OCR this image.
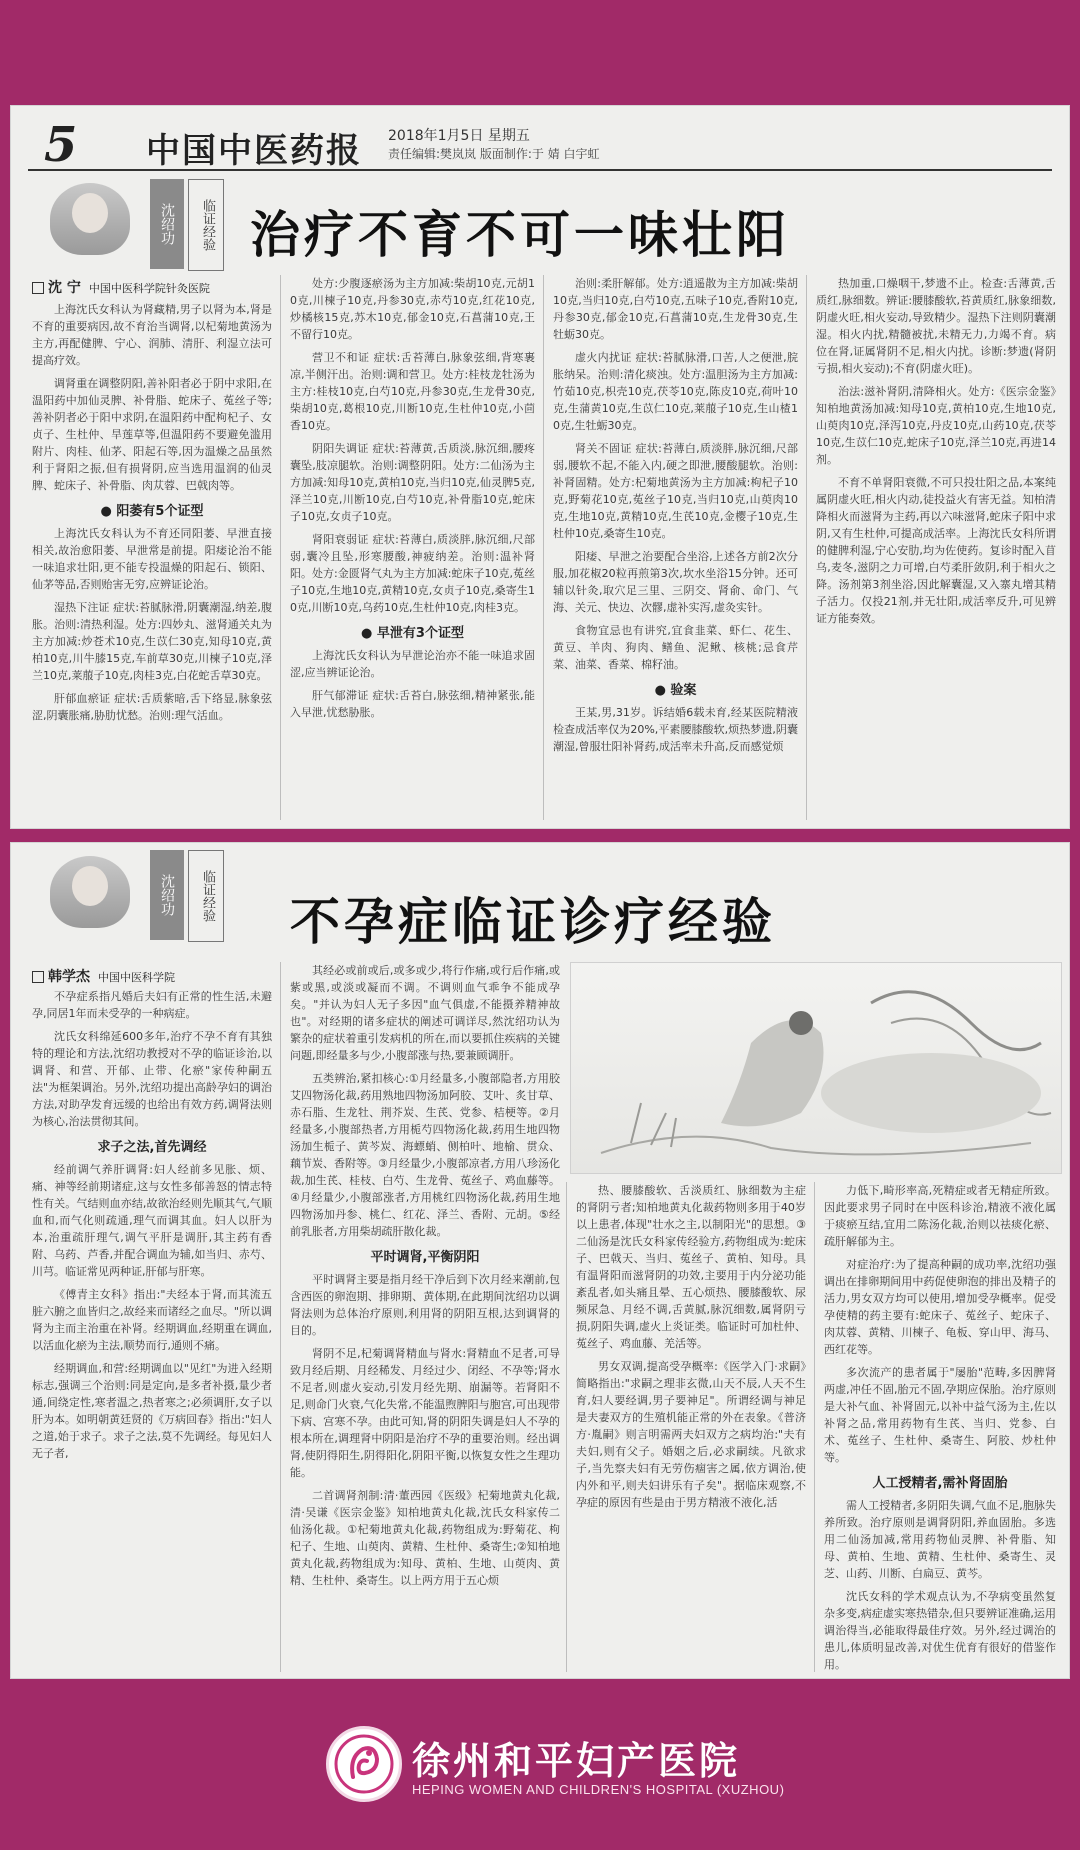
5 中国中医药报 2018年1月5日 星期五
责任编辑:樊岚岚 版面制作:于 婧 白宇虹
沈绍功	临证经验 治疗不育不可一味壮阳
沈 宁 中国中医科学院针灸医院

上海沈氏女科认为肾藏精,男子以肾为本,肾是不育的重要病因,故不育治当调肾,以杞菊地黄汤为主方,再配健脾、宁心、润肺、清肝、利湿立法可提高疗效。

调肾重在调整阴阳,善补阳者必于阴中求阳,在温阳药中加仙灵脾、补骨脂、蛇床子、菟丝子等;善补阴者必于阳中求阴,在温阳药中配枸杞子、女贞子、生杜仲、旱莲草等,但温阳药不要避免滥用附片、肉桂、仙茅、阳起石等,因为温燥之品虽然利于肾阳之振,但有损肾阴,应当选用温润的仙灵脾、蛇床子、补骨脂、肉苁蓉、巴戟肉等。

● 阳萎有5个证型

上海沈氏女科认为不育还同阳萎、早泄直接相关,故治愈阳萎、早泄常是前提。阳痿论治不能一味追求壮阳,更不能专投温燥的阳起石、锁阳、仙茅等品,否则贻害无穷,应辨证论治。

湿热下注证 症状:苔腻脉滑,阴囊潮湿,纳差,腹胀。治则:清热利湿。处方:四妙丸、滋肾通关丸为主方加减:炒苍术10克,生苡仁30克,知母10克,黄柏10克,川牛膝15克,车前草30克,川楝子10克,泽兰10克,莱菔子10克,肉桂3克,白花蛇舌草30克。

肝郁血瘀证 症状:舌质紫暗,舌下络显,脉象弦涩,阴囊胀痛,胁肋忧愁。治则:理气活血。

处方:少腹逐瘀汤为主方加减:柴胡10克,元胡10克,川楝子10克,丹参30克,赤芍10克,红花10克,炒橘核15克,苏木10克,郁金10克,石菖蒲10克,王不留行10克。

营卫不和证 症状:舌苔薄白,脉象弦细,背寒裹凉,半侧汗出。治则:调和营卫。处方:桂枝龙牡汤为主方:桂枝10克,白芍10克,丹参30克,生龙骨30克,柴胡10克,葛根10克,川断10克,生杜仲10克,小茴香10克。

阴阳失调证 症状:苔薄黄,舌质淡,脉沉细,腰疼囊坠,肢凉腿软。治则:调整阴阳。处方:二仙汤为主方加减:知母10克,黄柏10克,当归10克,仙灵脾5克,泽兰10克,川断10克,白芍10克,补骨脂10克,蛇床子10克,女贞子10克。

肾阳衰弱证 症状:苔薄白,质淡胖,脉沉细,尺部弱,囊冷且坠,形寒腰酸,神疲纳差。治则:温补肾阳。处方:金匮肾气丸为主方加减:蛇床子10克,菟丝子10克,生地10克,黄精10克,女贞子10克,桑寄生10克,川断10克,乌药10克,生杜仲10克,肉桂3克。

● 早泄有3个证型

上海沈氏女科认为早泄论治亦不能一味追求固涩,应当辨证论治。

肝气郁滞证 症状:舌苔白,脉弦细,精神紧张,能入早泄,忧愁胁胀。

治则:柔肝解郁。处方:逍遥散为主方加减:柴胡10克,当归10克,白芍10克,五味子10克,香附10克,丹参30克,郁金10克,石菖蒲10克,生龙骨30克,生牡蛎30克。

虚火内扰证 症状:苔腻脉滑,口苦,人之便泄,脘胀纳呆。治则:清化痰浊。处方:温胆汤为主方加减:竹茹10克,枳壳10克,茯苓10克,陈皮10克,荷叶10克,生蒲黄10克,生苡仁10克,莱菔子10克,生山楂10克,生牡蛎30克。

肾关不固证 症状:苔薄白,质淡胖,脉沉细,尺部弱,腰软不起,不能入内,硬之即泄,腰酸腿软。治则:补肾固精。处方:杞菊地黄汤为主方加减:枸杞子10克,野菊花10克,菟丝子10克,当归10克,山萸肉10克,生地10克,黄精10克,生芪10克,金樱子10克,生杜仲10克,桑寄生10克。

阳痿、早泄之治要配合坐浴,上述各方前2次分服,加花椒20粒再煎第3次,坎水坐浴15分钟。还可辅以针灸,取穴足三里、三阴交、肾俞、命门、气海、关元、快边、次髎,虚补实泻,虚灸实针。

食物宜忌也有讲究,宜食韭菜、虾仁、花生、黄豆、羊肉、狗肉、鳝鱼、泥鳅、核桃;忌食芹菜、油菜、香菜、棉籽油。

● 验案

王某,男,31岁。诉结婚6载未育,经某医院精液检查成活率仅为20%,平素腰膝酸软,烦热梦遗,阴囊潮湿,曾服壮阳补肾药,成活率未升高,反而感觉烦

热加重,口燥咽干,梦遗不止。检查:舌薄黄,舌质红,脉细数。辨证:腰膝酸软,苔黄质红,脉象细数,阴虚火旺,相火妄动,导致精少。湿热下注则阴囊潮湿。相火内扰,精髓被扰,未精无力,力竭不育。病位在肾,证属肾阴不足,相火内扰。诊断:梦遗(肾阴亏损,相火妄动);不育(阴虚火旺)。

治法:滋补肾阴,清降相火。处方:《医宗金鉴》知柏地黄汤加减:知母10克,黄柏10克,生地10克,山萸肉10克,泽泻10克,丹皮10克,山药10克,茯苓10克,生苡仁10克,蛇床子10克,泽兰10克,再进14剂。

不育不单肾阳衰微,不可只投壮阳之品,本案纯属阴虚火旺,相火内动,徒投益火有害无益。知柏清降相火而滋肾为主药,再以六味滋肾,蛇床子阳中求阴,又有生杜仲,可提高成活率。上海沈氏女科所谓的健脾利湿,宁心安肋,均为佐使药。复诊时配入苜乌,麦冬,滋阴之力可增,白芍柔肝敛阴,利于相火之降。汤剂第3剂坐浴,因此解囊湿,又入寨丸增其精子活力。仅投21剂,并无壮阳,成活率反升,可见辨证方能奏效。

沈绍功	临证经验 不孕症临证诊疗经验
韩学杰 中国中医科学院

不孕症系指凡婚后夫妇有正常的性生活,未避孕,同居1年而未受孕的一种病症。

沈氏女科绵延600多年,治疗不孕不育有其独特的理论和方法,沈绍功教授对不孕的临证诊治,以调肾、和营、开郁、止带、化瘀"家传种嗣五法"为框架调治。另外,沈绍功提出高龄孕妇的调治方法,对助孕发育远缓的也给出有效方药,调肾法则为核心,治法贯彻其间。

求子之法,首先调经

经前调气养肝调肾:妇人经前多见胀、烦、痛、神等经前期诸症,这与女性多郁善怒的情志特性有关。气结则血亦结,故欲治经则先顺其气,气顺血和,而气化则疏通,理气而调其血。妇人以肝为本,治重疏肝理气,调气平肝是调肝,其主药有香附、乌药、芦香,并配合调血为辅,如当归、赤芍、川芎。临证常见两种证,肝郁与肝寒。

《傅青主女科》指出:"夫经本于肾,而其流五脏六腑之血皆归之,故经来而诸经之血尽。"所以调肾为主而主治重在补肾。经期调血,经期重在调血,以活血化瘀为主法,顺势而行,通则不痛。

经期调血,和营:经期调血以"见红"为进入经期标志,强调三个治则:同是定向,是多者补摄,量少者通,间绕定性,寒者温之,热者寒之;必须调肝,女子以肝为本。如明朝黄廷贤的《万病回春》指出:"妇人之道,始于求子。求子之法,莫不先调经。每见妇人无子者,

其经必或前或后,或多或少,将行作痛,或行后作痛,或紫或黑,或淡或凝而不调。不调则血气乖争不能成孕矣。"并认为妇人无子多因"血气俱虚,不能摄养精神故也"。对经期的诸多症状的阐述可调详尽,然沈绍功认为繁杂的症状着重引发病机的所在,而以要抓住疾病的关键问题,即经量多与少,小腹部涨与热,要兼顾调肝。

五类辨治,紧扣核心:①月经量多,小腹部隐者,方用胶艾四物汤化裁,药用熟地四物汤加阿胶、艾叶、炙甘草、赤石脂、生龙牡、荆芥炭、生芪、党参、桔梗等。②月经量多,小腹部热者,方用栀芍四物汤化裁,药用生地四物汤加生栀子、黄芩炭、海螵蛸、侧柏叶、地榆、贯众、藕节炭、香附等。③月经量少,小腹部凉者,方用八珍汤化裁,加生芪、桂枝、白芍、生龙骨、菟丝子、鸡血藤等。④月经量少,小腹部涨者,方用桃红四物汤化裁,药用生地四物汤加丹参、桃仁、红花、泽兰、香附、元胡。⑤经前乳胀者,方用柴胡疏肝散化裁。

平时调肾,平衡阴阳

平时调肾主要是指月经干净后到下次月经来潮前,包含西医的卵泡期、排卵期、黄体期,在此期间沈绍功以调肾法则为总体治疗原则,利用肾的阴阳互根,达到调肾的目的。

肾阴不足,杞菊调肾精血与肾水:肾精血不足者,可导致月经后期、月经稀发、月经过少、闭经、不孕等;肾水不足者,则虚火妄动,引发月经先期、崩漏等。若肾阳不足,则命门火衰,气化失常,不能温煦脾阳与胞宫,可出现带下病、宫寒不孕。由此可知,肾的阴阳失调是妇人不孕的根本所在,调理肾中阴阳是治疗不孕的重要治则。经出调肾,使阴得阳生,阴得阳化,阴阳平衡,以恢复女性之生理功能。

二首调肾剂制:清·董西园《医级》杞菊地黄丸化裁,清·吴谦《医宗金鉴》知柏地黄丸化裁,沈氏女科家传二仙汤化裁。①杞菊地黄丸化裁,药物组成为:野菊花、枸杞子、生地、山萸肉、黄精、生杜仲、桑寄生;②知柏地黄丸化裁,药物组成为:知母、黄柏、生地、山萸肉、黄精、生杜仲、桑寄生。以上两方用于五心烦

热、腰膝酸软、舌淡质红、脉细数为主症的肾阴亏者;知柏地黄丸化裁药物则多用于40岁以上患者,体现"壮水之主,以制阳光"的思想。③二仙汤是沈氏女科家传经验方,药物组成为:蛇床子、巴戟天、当归、菟丝子、黄柏、知母。具有温肾阳而滋肾阴的功效,主要用于内分泌功能紊乱者,如头痛且晕、五心烦热、腰膝酸软、尿频尿急、月经不调,舌黄腻,脉沉细数,属肾阴亏损,阴阳失调,虚火上炎证类。临证时可加杜仲、菟丝子、鸡血藤、羌活等。

男女双调,提高受孕概率:《医学入门·求嗣》简略指出:"求嗣之理非玄微,山天不辰,人天不生育,妇人要经调,男子要神足"。所谓经调与神足是夫妻双方的生殖机能正常的外在表象。《普济方·胤嗣》则言明需两夫妇双方之病均治:"夫有夫妇,则有父子。婚姻之后,必求嗣续。凡欲求子,当先察夫妇有无劳伤痼害之属,依方调治,使内外和平,则夫妇讲乐有子矣"。据临床观察,不孕症的原因有些是由于男方精液不液化,活

力低下,畸形率高,死精症或者无精症所致。因此要求男子同时在中医科诊治,精液不液化属于痰瘀互结,宜用二陈汤化裁,治则以祛痰化瘀、疏肝解郁为主。

对症治疗:为了提高种嗣的成功率,沈绍功强调出在排卵期间用中药促使卵泡的排出及精子的活力,男女双方均可以使用,增加受孕概率。促受孕使精的药主要有:蛇床子、菟丝子、蛇床子、肉苁蓉、黄精、川楝子、龟板、穿山甲、海马、西红花等。

多次流产的患者属于"屡胎"范畴,多因脾肾两虚,冲任不固,胎元不固,孕期应保胎。治疗原则是大补气血、补肾固元,以补中益气汤为主,佐以补肾之品,常用药物有生芪、当归、党参、白术、菟丝子、生杜仲、桑寄生、阿胶、炒杜仲等。

人工授精者,需补肾固胎

需人工授精者,多阴阳失调,气血不足,胞脉失养所致。治疗原则是调肾阴阳,养血固胎。多选用二仙汤加减,常用药物仙灵脾、补骨脂、知母、黄柏、生地、黄精、生杜仲、桑寄生、灵芝、山药、川断、白扁豆、黄芩。

沈氏女科的学术观点认为,不孕病变虽然复杂多变,病症虚实寒热错杂,但只要辨证准确,运用调治得当,必能取得最佳疗效。另外,经过调治的患儿,体质明显改善,对优生优育有很好的借鉴作用。

徐州和平妇产医院
HEPING WOMEN AND CHILDREN'S HOSPITAL (XUZHOU)
